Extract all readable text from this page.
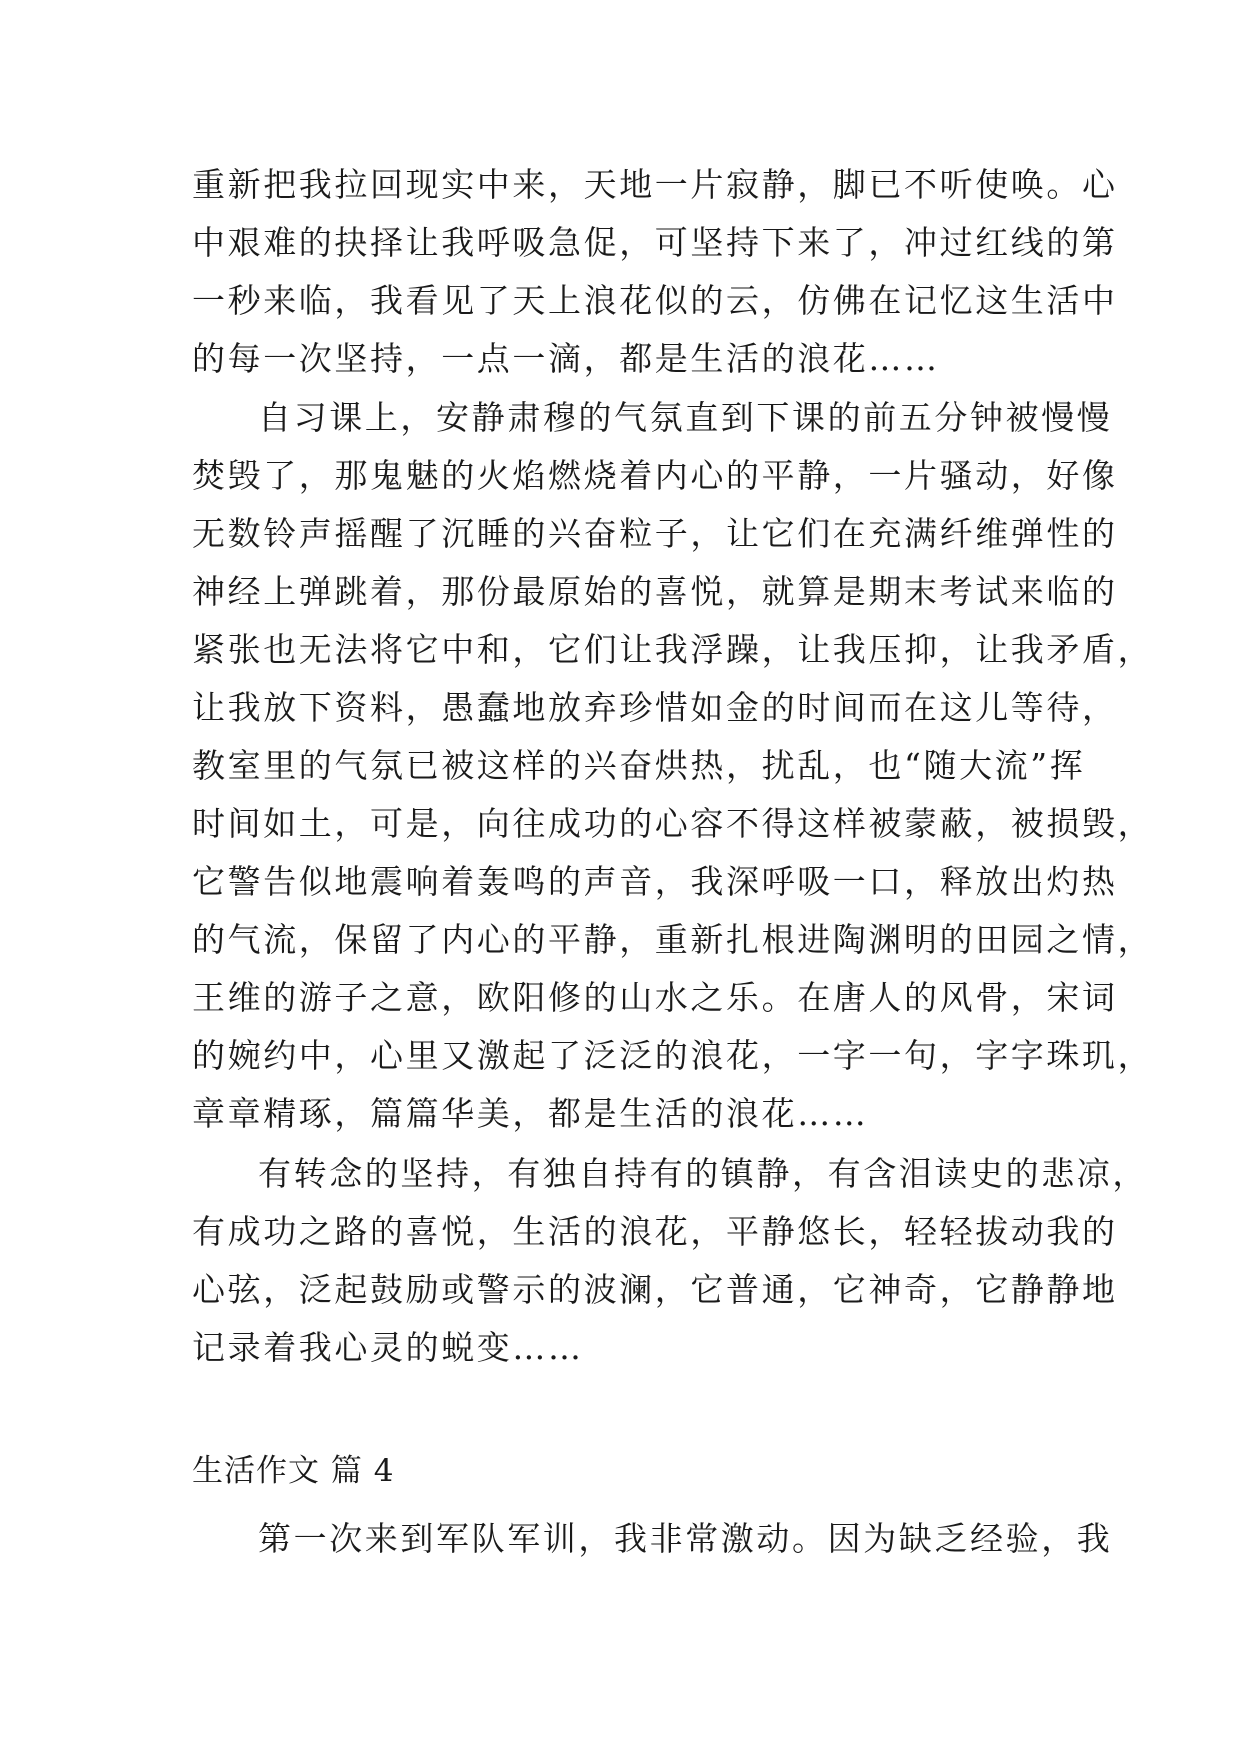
重新把我拉回现实中来，天地一片寂静，脚已不听使唤。心
中艰难的抉择让我呼吸急促，可坚持下来了，冲过红线的第
一秒来临，我看见了天上浪花似的云，仿佛在记忆这生活中
的每一次坚持，一点一滴，都是生活的浪花……
自习课上，安静肃穆的气氛直到下课的前五分钟被慢慢
焚毁了，那鬼魅的火焰燃烧着内心的平静，一片骚动，好像
无数铃声摇醒了沉睡的兴奋粒子，让它们在充满纤维弹性的
神经上弹跳着，那份最原始的喜悦，就算是期末考试来临的
紧张也无法将它中和，它们让我浮躁，让我压抑，让我矛盾，
让我放下资料，愚蠢地放弃珍惜如金的时间而在这儿等待，
教室里的气氛已被这样的兴奋烘热，扰乱，也“随大流”挥
时间如土，可是，向往成功的心容不得这样被蒙蔽，被损毁，
它警告似地震响着轰鸣的声音，我深呼吸一口，释放出灼热
的气流，保留了内心的平静，重新扎根进陶渊明的田园之情，
王维的游子之意，欧阳修的山水之乐。在唐人的风骨，宋词
的婉约中，心里又激起了泛泛的浪花，一字一句，字字珠玑，
章章精琢，篇篇华美，都是生活的浪花……
有转念的坚持，有独自持有的镇静，有含泪读史的悲凉，
有成功之路的喜悦，生活的浪花，平静悠长，轻轻拔动我的
心弦，泛起鼓励或警示的波澜，它普通，它神奇，它静静地
记录着我心灵的蜕变……
生活作文 篇 4
第一次来到军队军训，我非常激动。因为缺乏经验，我
